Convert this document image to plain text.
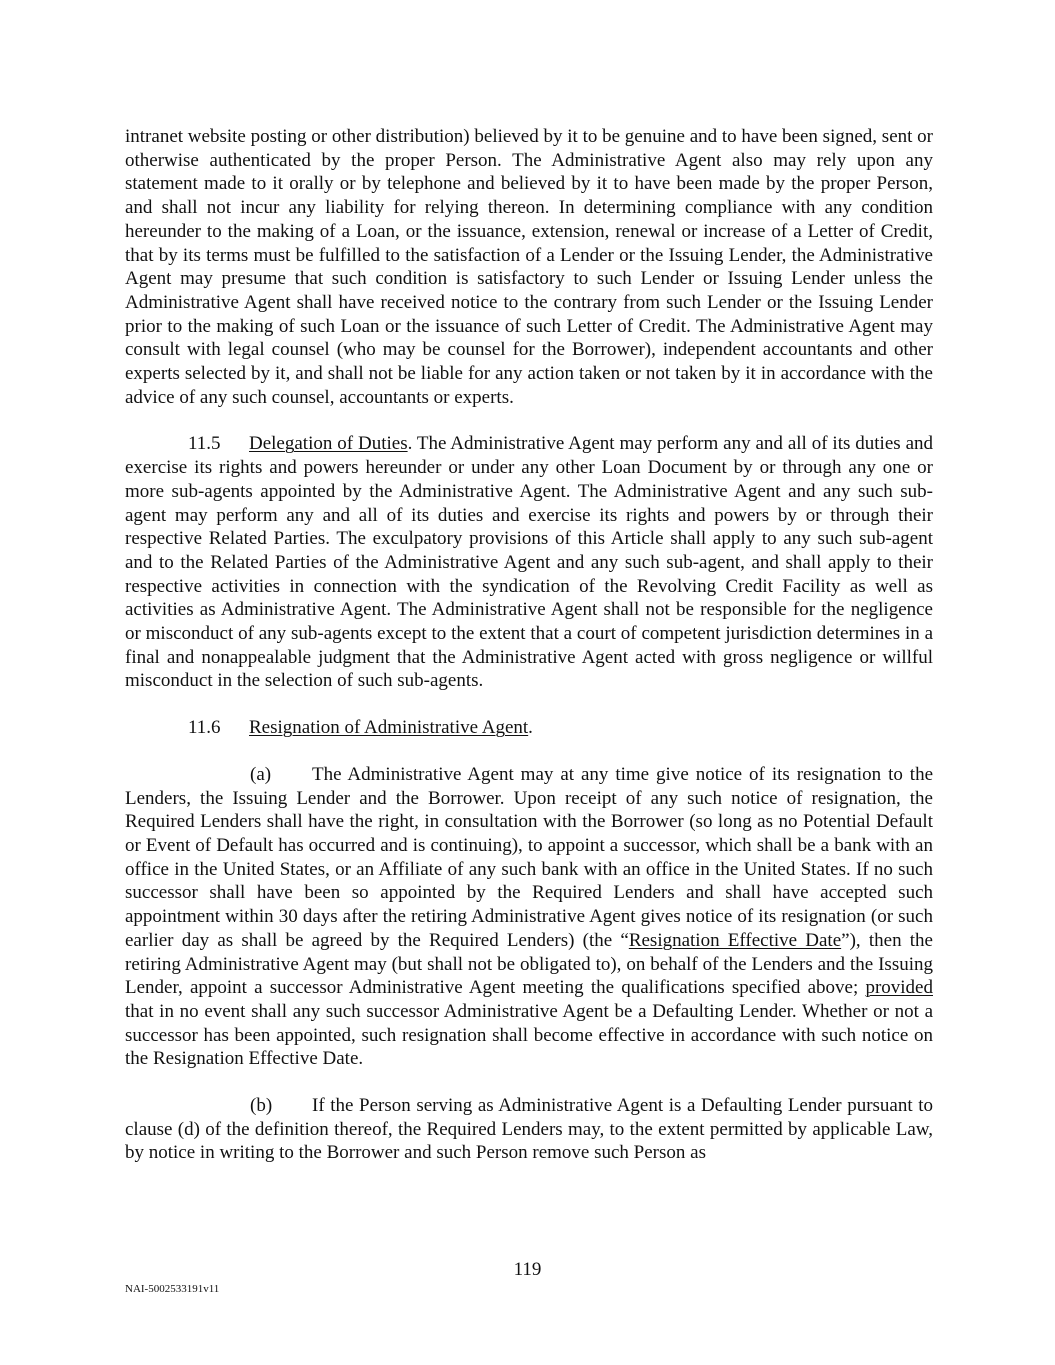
intranet website posting or other distribution) believed by it to be genuine and to have been signed, sent or otherwise authenticated by the proper Person. The Administrative Agent also may rely upon any statement made to it orally or by telephone and believed by it to have been made by the proper Person, and shall not incur any liability for relying thereon. In determining compliance with any condition hereunder to the making of a Loan, or the issuance, extension, renewal or increase of a Letter of Credit, that by its terms must be fulfilled to the satisfaction of a Lender or the Issuing Lender, the Administrative Agent may presume that such condition is satisfactory to such Lender or Issuing Lender unless the Administrative Agent shall have received notice to the contrary from such Lender or the Issuing Lender prior to the making of such Loan or the issuance of such Letter of Credit. The Administrative Agent may consult with legal counsel (who may be counsel for the Borrower), independent accountants and other experts selected by it, and shall not be liable for any action taken or not taken by it in accordance with the advice of any such counsel, accountants or experts.

11.5 Delegation of Duties. The Administrative Agent may perform any and all of its duties and exercise its rights and powers hereunder or under any other Loan Document by or through any one or more sub-agents appointed by the Administrative Agent. The Administrative Agent and any such sub-agent may perform any and all of its duties and exercise its rights and powers by or through their respective Related Parties. The exculpatory provisions of this Article shall apply to any such sub-agent and to the Related Parties of the Administrative Agent and any such sub-agent, and shall apply to their respective activities in connection with the syndication of the Revolving Credit Facility as well as activities as Administrative Agent. The Administrative Agent shall not be responsible for the negligence or misconduct of any sub-agents except to the extent that a court of competent jurisdiction determines in a final and nonappealable judgment that the Administrative Agent acted with gross negligence or willful misconduct in the selection of such sub-agents.

11.6 Resignation of Administrative Agent.

(a) The Administrative Agent may at any time give notice of its resignation to the Lenders, the Issuing Lender and the Borrower. Upon receipt of any such notice of resignation, the Required Lenders shall have the right, in consultation with the Borrower (so long as no Potential Default or Event of Default has occurred and is continuing), to appoint a successor, which shall be a bank with an office in the United States, or an Affiliate of any such bank with an office in the United States. If no such successor shall have been so appointed by the Required Lenders and shall have accepted such appointment within 30 days after the retiring Administrative Agent gives notice of its resignation (or such earlier day as shall be agreed by the Required Lenders) (the “Resignation Effective Date”), then the retiring Administrative Agent may (but shall not be obligated to), on behalf of the Lenders and the Issuing Lender, appoint a successor Administrative Agent meeting the qualifications specified above; provided that in no event shall any such successor Administrative Agent be a Defaulting Lender. Whether or not a successor has been appointed, such resignation shall become effective in accordance with such notice on the Resignation Effective Date.

(b) If the Person serving as Administrative Agent is a Defaulting Lender pursuant to clause (d) of the definition thereof, the Required Lenders may, to the extent permitted by applicable Law, by notice in writing to the Borrower and such Person remove such Person as

119
NAI-5002533191v11
